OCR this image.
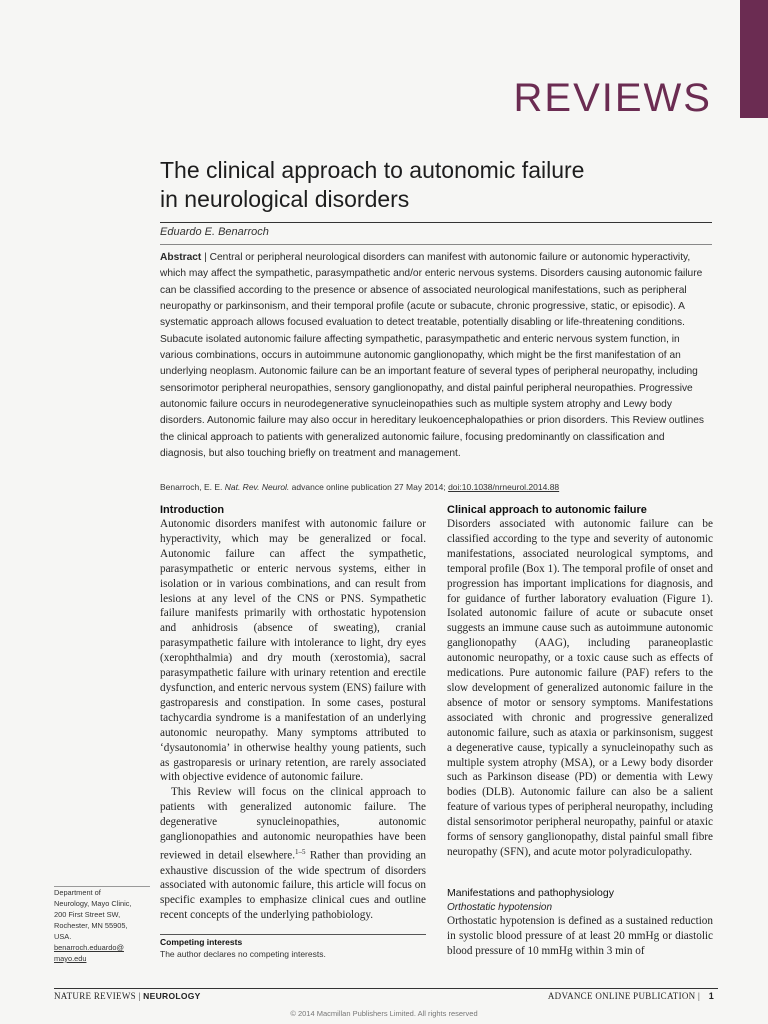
REVIEWS
The clinical approach to autonomic failure
in neurological disorders
Eduardo E. Benarroch
Abstract | Central or peripheral neurological disorders can manifest with autonomic failure or autonomic hyperactivity, which may affect the sympathetic, parasympathetic and/or enteric nervous systems. Disorders causing autonomic failure can be classified according to the presence or absence of associated neurological manifestations, such as peripheral neuropathy or parkinsonism, and their temporal profile (acute or subacute, chronic progressive, static, or episodic). A systematic approach allows focused evaluation to detect treatable, potentially disabling or life-threatening conditions. Subacute isolated autonomic failure affecting sympathetic, parasympathetic and enteric nervous system function, in various combinations, occurs in autoimmune autonomic ganglionopathy, which might be the first manifestation of an underlying neoplasm. Autonomic failure can be an important feature of several types of peripheral neuropathy, including sensorimotor peripheral neuropathies, sensory ganglionopathy, and distal painful peripheral neuropathies. Progressive autonomic failure occurs in neurodegenerative synucleinopathies such as multiple system atrophy and Lewy body disorders. Autonomic failure may also occur in hereditary leukoencephalopathies or prion disorders. This Review outlines the clinical approach to patients with generalized autonomic failure, focusing predominantly on classification and diagnosis, but also touching briefly on treatment and management.
Benarroch, E. E. Nat. Rev. Neurol. advance online publication 27 May 2014; doi:10.1038/nrneurol.2014.88
Introduction

Autonomic disorders manifest with autonomic failure or hyperactivity, which may be generalized or focal. Autonomic failure can affect the sympathetic, parasympathetic or enteric nervous systems, either in isolation or in various combinations, and can result from lesions at any level of the CNS or PNS. Sympathetic failure manifests primarily with orthostatic hypotension and anhidrosis (absence of sweating), cranial parasympathetic failure with intolerance to light, dry eyes (xerophthalmia) and dry mouth (xerostomia), sacral parasympathetic failure with urinary retention and erectile dysfunction, and enteric nervous system (ENS) failure with gastroparesis and constipation. In some cases, postural tachycardia syndrome is a manifestation of an underlying autonomic neuropathy. Many symptoms attributed to ‘dysautonomia’ in otherwise healthy young patients, such as gastroparesis or urinary retention, are rarely associated with objective evidence of autonomic failure.

This Review will focus on the clinical approach to patients with generalized autonomic failure. The degenerative synucleinopathies, autonomic ganglionopathies and autonomic neuropathies have been reviewed in detail elsewhere.$^{1-5}$ Rather than providing an exhaustive discussion of the wide spectrum of disorders associated with autonomic failure, this article will focus on specific examples to emphasize clinical cues and outline recent concepts of the underlying pathobiology.

Clinical approach to autonomic failure

Disorders associated with autonomic failure can be classified according to the type and severity of autonomic manifestations, associated neurological symptoms, and temporal profile (Box 1). The temporal profile of onset and progression has important implications for diagnosis, and for guidance of further laboratory evaluation (Figure 1). Isolated autonomic failure of acute or subacute onset suggests an immune cause such as autoimmune autonomic ganglionopathy (AAG), including paraneoplastic autonomic neuropathy, or a toxic cause such as effects of medications. Pure autonomic failure (PAF) refers to the slow development of generalized autonomic failure in the absence of motor or sensory symptoms. Manifestations associated with chronic and progressive generalized autonomic failure, such as ataxia or parkinsonism, suggest a degenerative cause, typically a synucleinopathy such as multiple system atrophy (MSA), or a Lewy body disorder such as Parkinson disease (PD) or dementia with Lewy bodies (DLB). Autonomic failure can also be a salient feature of various types of peripheral neuropathy, including distal sensorimotor peripheral neuropathy, painful or ataxic forms of sensory ganglionopathy, distal painful small fibre neuropathy (SFN), and acute motor polyradiculopathy.

Manifestations and pathophysiology
Orthostatic hypotension

Orthostatic hypotension is defined as a sustained reduction in systolic blood pressure of at least 20 mmHg or diastolic blood pressure of 10 mmHg within 3 min of

Department of
Neurology, Mayo Clinic,
200 First Street SW,
Rochester, MN 55905,
USA.
benarroch.eduardo@
mayo.edu
Competing interests
The author declares no competing interests.
NATURE REVIEWS | NEUROLOGY	ADVANCE ONLINE PUBLICATION | 1
© 2014 Macmillan Publishers Limited. All rights reserved
